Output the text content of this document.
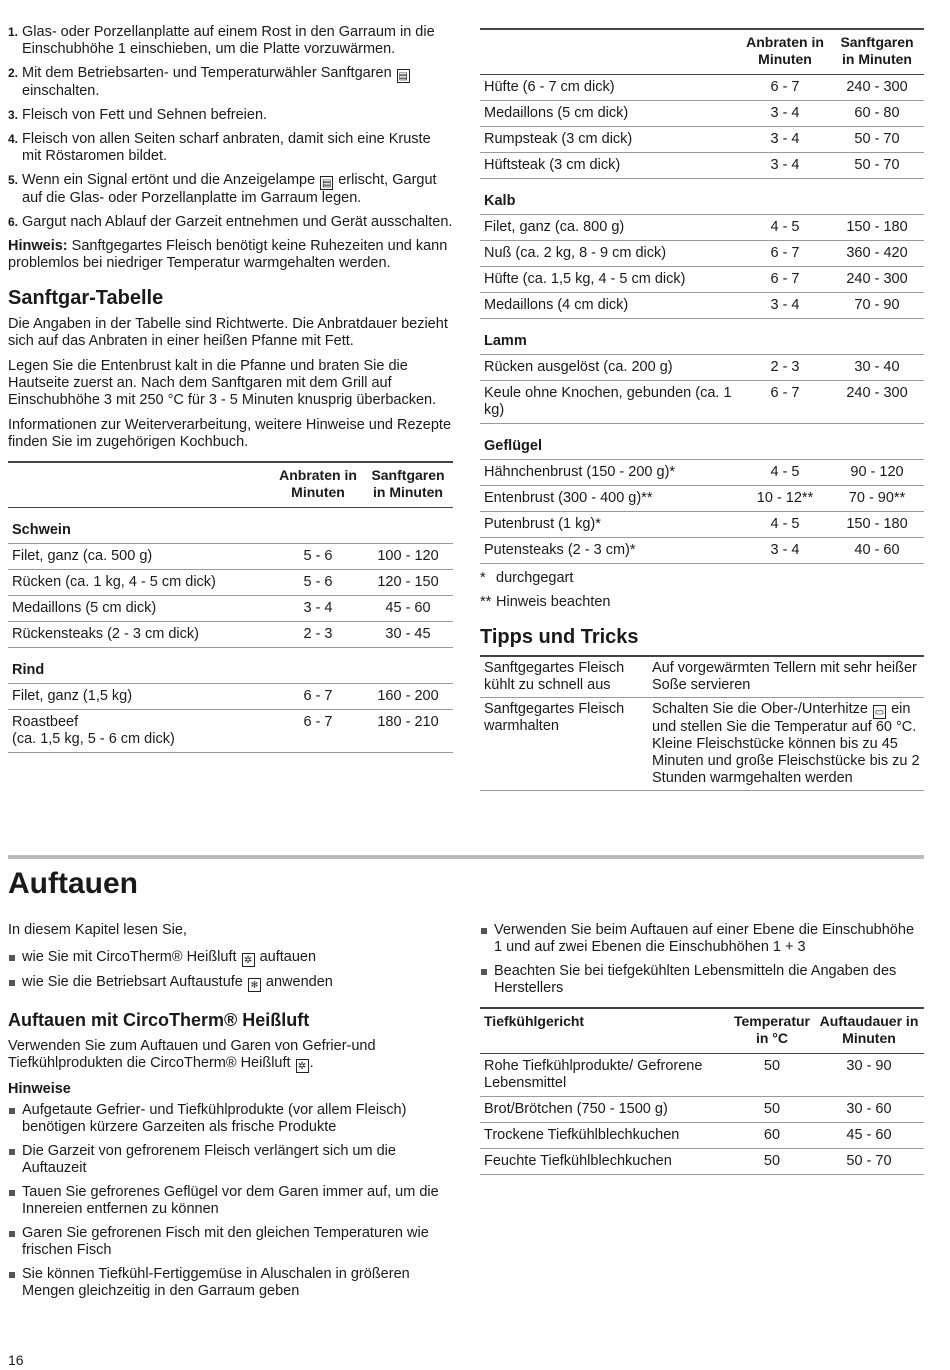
1. Glas- oder Porzellanplatte auf einem Rost in den Garraum in die Einschubhöhe 1 einschieben, um die Platte vorzuwärmen.
2. Mit dem Betriebsarten- und Temperaturwähler Sanftgaren ▤ einschalten.
3. Fleisch von Fett und Sehnen befreien.
4. Fleisch von allen Seiten scharf anbraten, damit sich eine Kruste mit Röstaromen bildet.
5. Wenn ein Signal ertönt und die Anzeigelampe ▤ erlischt, Gargut auf die Glas- oder Porzellanplatte im Garraum legen.
6. Gargut nach Ablauf der Garzeit entnehmen und Gerät ausschalten.

Hinweis: Sanftgegartes Fleisch benötigt keine Ruhezeiten und kann problemlos bei niedriger Temperatur warmgehalten werden.

Sanftgar-Tabelle

Die Angaben in der Tabelle sind Richtwerte. Die Anbratdauer bezieht sich auf das Anbraten in einer heißen Pfanne mit Fett.

Legen Sie die Entenbrust kalt in die Pfanne und braten Sie die Hautseite zuerst an. Nach dem Sanftgaren mit dem Grill auf Einschubhöhe 3 mit 250 °C für 3 - 5 Minuten knusprig überbacken.

Informationen zur Weiterverarbeitung, weitere Hinweise und Rezepte finden Sie im zugehörigen Kochbuch.

	Anbraten in Minuten	Sanftgaren in Minuten
Schwein		
Filet, ganz (ca. 500 g)	5 - 6	100 - 120
Rücken (ca. 1 kg, 4 - 5 cm dick)	5 - 6	120 - 150
Medaillons (5 cm dick)	3 - 4	45 - 60
Rückensteaks (2 - 3 cm dick)	2 - 3	30 - 45
Rind		
Filet, ganz (1,5 kg)	6 - 7	160 - 200
Roastbeef
(ca. 1,5 kg, 5 - 6 cm dick)	6 - 7	180 - 210
	Anbraten in Minuten	Sanftgaren in Minuten
Hüfte (6 - 7 cm dick)	6 - 7	240 - 300
Medaillons (5 cm dick)	3 - 4	60 - 80
Rumpsteak (3 cm dick)	3 - 4	50 - 70
Hüftsteak (3 cm dick)	3 - 4	50 - 70
Kalb		
Filet, ganz (ca. 800 g)	4 - 5	150 - 180
Nuß (ca. 2 kg, 8 - 9 cm dick)	6 - 7	360 - 420
Hüfte (ca. 1,5 kg, 4 - 5 cm dick)	6 - 7	240 - 300
Medaillons (4 cm dick)	3 - 4	70 - 90
Lamm		
Rücken ausgelöst (ca. 200 g)	2 - 3	30 - 40
Keule ohne Knochen, gebunden (ca. 1 kg)	6 - 7	240 - 300
Geflügel		
Hähnchenbrust (150 - 200 g)*	4 - 5	90 - 120
Entenbrust (300 - 400 g)**	10 - 12**	70 - 90**
Putenbrust (1 kg)*	4 - 5	150 - 180
Putensteaks (2 - 3 cm)*	3 - 4	40 - 60
* durchgegart
** Hinweis beachten
Tipps und Tricks
Sanftgegartes Fleisch kühlt zu schnell aus	Auf vorgewärmten Tellern mit sehr heißer Soße servieren
Sanftgegartes Fleisch warmhalten	Schalten Sie die Ober-/Unterhitze ▭ ein und stellen Sie die Temperatur auf 60 °C. Kleine Fleischstücke können bis zu 45 Minuten und große Fleischstücke bis zu 2 Stunden warmgehalten werden
Auftauen

In diesem Kapitel lesen Sie,

wie Sie mit CircoTherm® Heißluft ✲ auftauen
wie Sie die Betriebsart Auftaustufe ❄ anwenden
Auftauen mit CircoTherm® Heißluft

Verwenden Sie zum Auftauen und Garen von Gefrier-und Tiefkühlprodukten die CircoTherm® Heißluft ✲ .

Hinweise
Aufgetaute Gefrier- und Tiefkühlprodukte (vor allem Fleisch) benötigen kürzere Garzeiten als frische Produkte
Die Garzeit von gefrorenem Fleisch verlängert sich um die Auftauzeit
Tauen Sie gefrorenes Geflügel vor dem Garen immer auf, um die Innereien entfernen zu können
Garen Sie gefrorenen Fisch mit den gleichen Temperaturen wie frischen Fisch
Sie können Tiefkühl-Fertiggemüse in Aluschalen in größeren Mengen gleichzeitig in den Garraum geben
Verwenden Sie beim Auftauen auf einer Ebene die Einschubhöhe 1 und auf zwei Ebenen die Einschubhöhen 1 + 3
Beachten Sie bei tiefgekühlten Lebensmitteln die Angaben des Herstellers
Tiefkühlgericht	Temperatur in °C	Auftaudauer in Minuten
Rohe Tiefkühlprodukte/ Gefrorene Lebensmittel	50	30 - 90
Brot/Brötchen (750 - 1500 g)	50	30 - 60
Trockene Tiefkühlblechkuchen	60	45 - 60
Feuchte Tiefkühlblechkuchen	50	50 - 70
16
